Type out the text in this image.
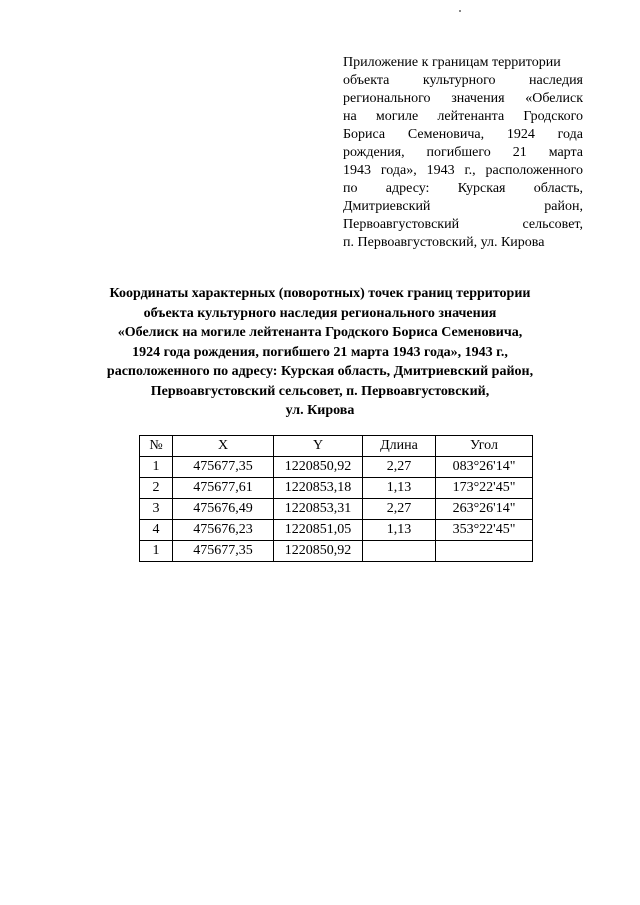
Приложение к границам территории
объекта культурного наследия
регионального значения «Обелиск
на могиле лейтенанта Гродского
Бориса Семеновича, 1924 года
рождения, погибшего 21 марта
1943 года», 1943 г., расположенного
по адресу: Курская область,
Дмитриевский район,
Первоавгустовский сельсовет,
п. Первоавгустовский, ул. Кирова
Координаты характерных (поворотных) точек границ территории
объекта культурного наследия регионального значения
«Обелиск на могиле лейтенанта Гродского Бориса Семеновича,
1924 года рождения, погибшего 21 марта 1943 года», 1943 г.,
расположенного по адресу: Курская область, Дмитриевский район,
Первоавгустовский сельсовет, п. Первоавгустовский,
ул. Кирова
№	X	Y	Длина	Угол
1	475677,35	1220850,92	2,27	083°26'14"
2	475677,61	1220853,18	1,13	173°22'45"
3	475676,49	1220853,31	2,27	263°26'14"
4	475676,23	1220851,05	1,13	353°22'45"
1	475677,35	1220850,92		
